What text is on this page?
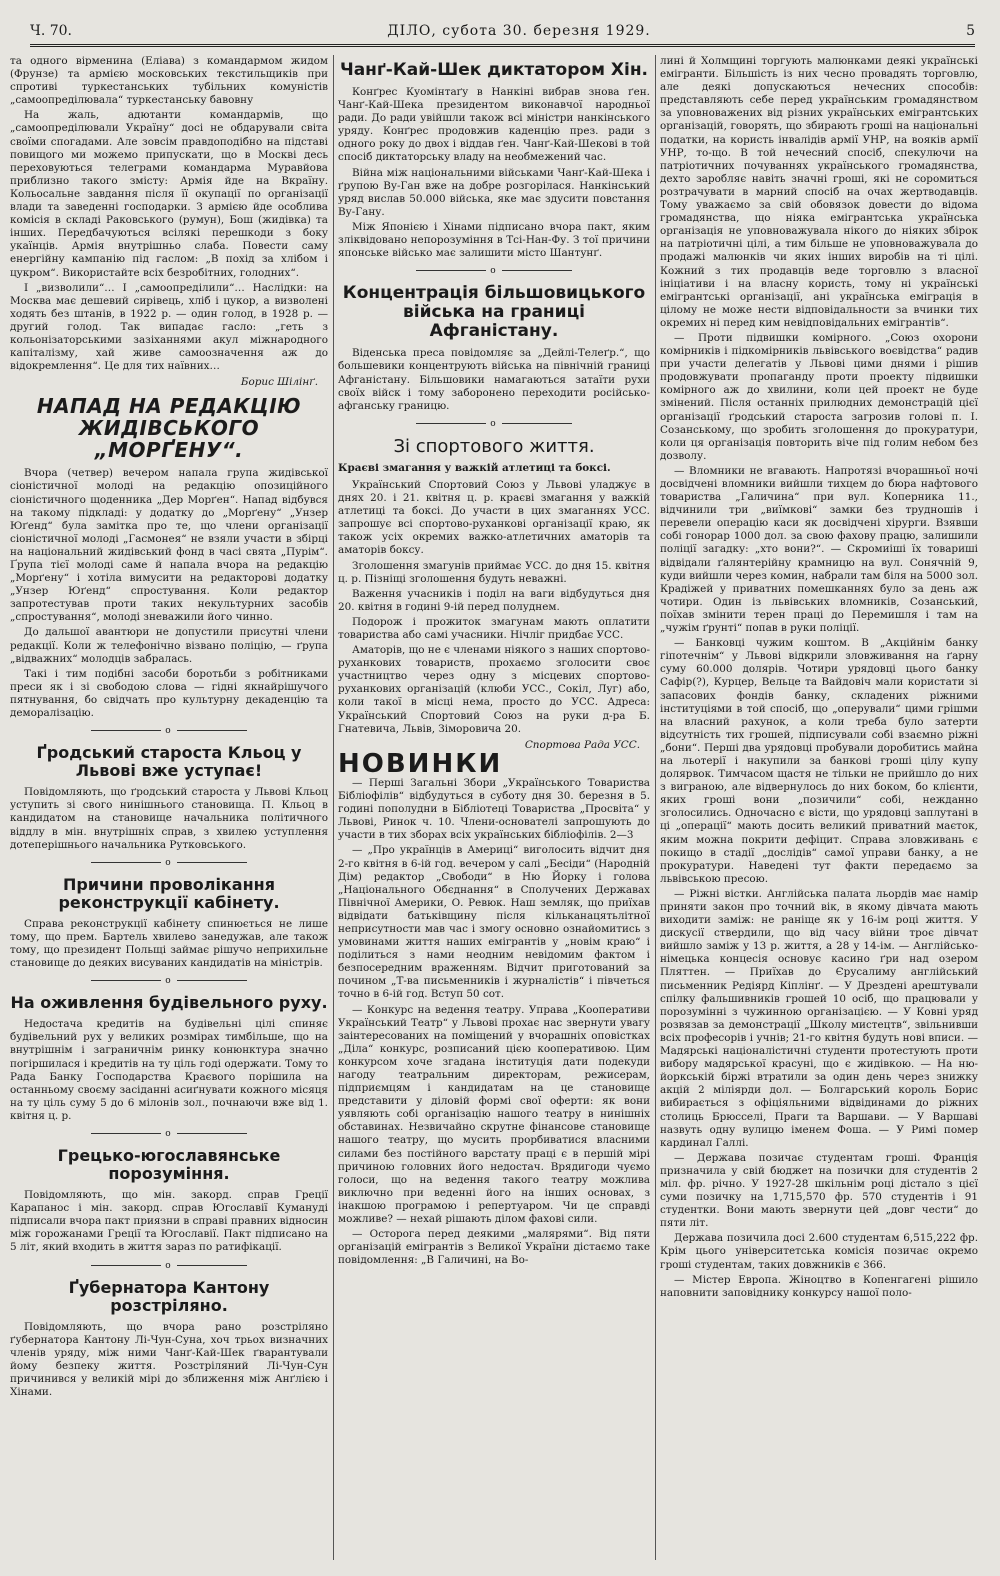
Ч. 70.	ДІЛО, субота 30. березня 1929.	5

та одного вірменина (Еліава) з командармом жидом (Фрунзе) та армією московських текстильщиків при спротиві туркестанських тубільних комуністів „самоопреділювала“ туркестанську бавовну

На жаль, адютанти командармів, що „самоопреділювали Україну“ досі не обдарували світа своїми спогадами. Але зовсім правдоподібно на підставі повищого ми можемо припускати, що в Москві десь переховуються телеграми командарма Муравйова приблизно такого змісту: Армія йде на Вкраїну. Кольосальне завдання після її окупації по організації влади та заведенні господарки. З армією йде особлива комісія в складі Раковського (румун), Бош (жидівка) та інших. Передбачуються всілякі перешкоди з боку укаїнців. Армія внутрішньо слаба. Повести саму енергійну кампанію під гаслом: „В похід за хлібом і цукром“. Використайте всіх безробітних, голодних“.

І „визволили“… І „самоопреділили“… Наслідки: на Москва має дешевий сирівець, хліб і цукор, а визволені ходять без штанів, в 1922 р. — один голод, в 1928 р. — другий голод. Так випадає гасло: „геть з кольонізаторськими зазіханнями акул міжнародного капіталізму, хай живе самоозначення аж до відокремлення“. Це для тих наївних…

Борис Шілінґ.

НАПАД НА РЕДАКЦІЮ ЖИДІВСЬКОГО „МОРҐЕНУ“.

Вчора (четвер) вечером напала група жидівської сіоністичної молоді на редакцію опозиційного сіоністичного щоденника „Дер Морґен“. Напад відбувся на такому підкладі: у додатку до „Морґену“ „Унзер Юґенд“ була замітка про те, що члени організації сіоністичної молоді „Гасмонея“ не взяли участи в збірці на національний жидівський фонд в часі свята „Пурім“. Ґрупа тієї молоді саме й напала вчора на редакцію „Морґену“ і хотіла вимусити на редакторові додатку „Унзер Юґенд“ спростування. Коли редактор запротестував проти таких некультурних засобів „спростування“, молоді зневажили його чинно.

До дальшої авантюри не допустили присутні члени редакції. Коли ж телефонічно візвано поліцію, — ґрупа „відважних“ молодців забралась.

Такі і тим подібні засоби боротьби з робітниками преси як і зі свободою слова — гідні якнайрішучого пятнування, бо свідчать про культурну декаденцію та деморалізацію.

o
Ґродський староста Кльоц у Львові вже уступає!

Повідомляють, що ґродський староста у Львові Кльоц уступить зі свого нинішнього становища. П. Кльоц в кандидатом на становище начальника політичного віддлу в мін. внутрішніх справ, з хвилею уступлення дотеперішнього начальника Рутковського.

o
Причини проволікання реконструкції кабінету.

Справа реконструкції кабінету спинюється не лише тому, що прем. Бартель хвилево занедужав, але також тому, що президент Польщі займає рішучо неприхильне становище до деяких висуваних кандидатів на міністрів.

o
На оживлення будівельного руху.

Недостача кредитів на будівельні цілі спиняє будівельний рух у великих розмірах тимбільше, що на внутрішнім і заграничнім ринку конюнктура значно погіршилася і кредитів на ту ціль годі одержати. Тому то Рада Банку Господарства Краєвого порішила на останньому своєму засіданні асиґнувати кожного місяця на ту ціль суму 5 до 6 мілонів зол., почнаючи вже від 1. квітня ц. р.

o
Грецько-югославянське порозуміння.

Повідомляють, що мін. закорд. справ Греції Карапанос і мін. закорд. справ Югославії Кумануді підписали вчора пакт приязни в справі правних відносин між горожанами Греції та Югославії. Пакт підписано на 5 літ, який входить в життя зараз по ратифікації.

o
Ґубернатора Кантону розстріляно.

Повідомляють, що вчора рано розстріляно ґубернатора Кантону Лі-Чун-Суна, хоч трьох визначних членів уряду, між ними Чанґ-Кай-Шек ґварантували йому безпеку життя. Розстріляний Лі-Чун-Сун причинився у великій мірі до зближення між Анґлією і Хінами.

Чанґ-Кай-Шек диктатором Хін.

Конґрес Куомінтаґу в Нанкіні вибрав знова ґен. Чанґ-Кай-Шека президентом виконавчої народньої ради. До ради увійшли також всі міністри нанкінського уряду. Конґрес продовжив кaденцію през. ради з одного року до двох і віддав ґен. Чанґ-Кай-Шекові в той спосіб диктаторську владу на необмежений час.

Війна між національними військами Чанґ-Кай-Шека і ґрупою Ву-Ган вже на добре розгорілася. Нанкінський уряд вислав 50.000 війська, яке має здусити повстання Ву-Гану.

Між Японією і Хінами підписано вчора пакт, яким зліквідовано непорозуміння в Тсі-Нан-Фу. З тої причини японське військо має залишити місто Шантунґ.

o
Концентрація більшовицького війська на границі Афганістану.

Віденська преса повідомляє за „Дейлі-Телеґр.“, що большевики концентрують війська на північній границі Афганістану. Більшовики намагаються затаїти рухи своїх війск і тому заборонено переходити російсько-афганську границю.

o
Зі спортового життя.

Краєві змагання у важкій атлетиці та боксі.

Український Спортовий Союз у Львові уладжує в днях 20. і 21. квітня ц. р. краєві змагання у важкій атлетиці та боксі. До участи в цих змаганнях УСС. запрошує всі спортово-руханкові організації краю, як також усіх окремих важко-атлетичних аматорів та аматорів боксу.

Зголошення змагунів приймає УСС. до дня 15. квітня ц. р. Пізніщі зголошення будуть неважні.

Важення учасників і поділ на ваги відбудуться дня 20. квітня в годині 9-ій перед полуднем.

Подорож і прожиток змагунам мають оплатити товариства або самі учасники. Нічліг придбає УСС.

Аматорів, що не є членами ніякого з наших спортово-руханкових товариств, прохаємо зголосити своє участництво через одну з місцевих спортово-руханкових організацій (клюби УСС., Сокіл, Луг) або, коли такої в місці нема, просто до УСС. Адреса: Український Спортовий Союз на руки д-ра Б. Гнатевича, Львів, Зіморовича 20.

Спортова Рада УСС.

НОВИНКИ

— Перші Загальні Збори „Українського Товариства Бібліофілів“ відбудуться в суботу дня 30. березня в 5. годині пополудни в Бібліотеці Товариства „Просвіта“ у Львові, Ринок ч. 10. Члени-основателі запрошують до участи в тих зборах всіх українських бібліофілів. 2—3

— „Про українців в Америці“ виголосить відчит дня 2-го квітня в 6-ій год. вечером у салі „Бесіди“ (Народній Дім) редактор „Свободи“ в Ню Йорку і голова „Національного Обєднання“ в Сполучених Державах Північної Америки, О. Ревюк. Наш земляк, що приїхав відвідати батьківщину після кільканацятьлітної неприсутности мав час і змогу основно ознайомитись з умовинами життя наших емігрантів у „новім краю“ і поділиться з нами неодним невідомим фактом і безпосередним враженням. Відчит приготований за почином „Т-ва письменників і журналістів“ і півчеться точно в 6-ій год. Вступ 50 сот.

— Конкурс на ведення театру. Управа „Кооперативи Український Театр“ у Львові прохає нас звернути увагу заінтересованих на поміщений у вчорашніх оповістках „Діла“ конкурс, розписаний цією кооперативою. Цим конкурсом хоче згадана інституція дати подекуди нагоду театральним директорам, режисерам, підприємцям і кандидатам на це становище представити у діловій формі свої оферти: як вони уявляють собі організацію нашого театру в нинішніх обставинах. Незвичайно скрутне фінансове становище нашого театру, що мусить прорбиватися власними силами без постійного варстату праці є в першій мірі причиною головних його недостач. Врядигоди чуємо голоси, що на ведення такого театру можлива виключно при веденні його на інших основах, з інакшою програмою і репертуаром. Чи це справді можливе? — нехай рішають ділом фахові сили.

— Осторога перед деякими „малярями“. Від пяти організацій емігрантів з Великої України дістаємо таке повідомлення: „В Галичині, на Во-

лині й Холмщині торгують малюнками деякі українські емігранти. Більшість із них чесно провадять торговлю, але деякі допускаються нечесних способів: представляють себе перед українським громадянством за уповноважених від різних українських емігрантських організацій, говорять, що збирають гроші на національні податки, на користь інвалідів армії УНР, на вояків армії УНР, то-що. В той нечесний спосіб, спекулючи на патріотичних почуваннях українського громадянства, дехто заробляє навіть значні гроші, які не соромиться розтрачувати в марний спосіб на очах жертводавців. Тому уважаємо за свій обовязок довести до відома громадянства, що ніяка емігрантська українська організація не уповноважувала нікого до ніяких збірок на патріотичні цілі, а тим більше не уповноважувала до продажі малюнків чи яких інших виробів на ті цілі. Кожний з тих продавців веде торговлю з власної ініціативи і на власну користь, тому ні українські емігрантські організації, ані українська еміграція в цілому не може нести відповідальности за вчинки тих окремих ні перед ким невідповідальних емігрантів“.

— Проти підвишки комірного. „Союз охорони комірників і підкомірників львівського воєвідства“ радив при участи делегатів у Львові цими днями і рішив продовжувати пропаганду проти проекту підвишки комірного аж до хвилини, коли цей проект не буде змінений. Після останніх прилюдних демонстрацій цієї організації ґродський староста загрозив голові п. І. Созанському, що зробить зголошення до прокуратури, коли ця організація повторить віче під голим небом без дозволу.

— Вломники не вгавають. Напротязі вчорашньої ночі досвідчені вломники вийшли тихцем до бюра нафтового товариства „Галичина“ при вул. Коперника 11., відчинили три „виїмкові“ замки без трудношів і перевели операцію каси як досвідчені хірурги. Взявши собі гонорар 1000 дол. за свою фахову працю, залишили поліції загадку: „хто вони?“. — Скромиіші їх товариші відвідали ґалянтерійну крамницю на вул. Сонячній 9, куди вийшли через комин, набрали там біля на 5000 зол. Крадіжей у приватних помешканнях було за день аж чотири. Один із львівських вломників, Созанський, поїхав змінити терен праці до Перемишля і там на „чужім ґрунті“ попав в руки поліції.

— Банковці чужим коштом. В „Акційнім банку гіпотечнім“ у Львові відкрили зловживання на ґарну суму 60.000 долярів. Чотири урядовці цього банку Сафір(?), Курцер, Вельце та Вайдовіч мали користати зі запасових фондів банку, складених ріжними інституціями в той спосіб, що „оперували“ цими грішми на власний рахунок, а коли треба було затерти відсутність тих грошей, підписували собі взаємно ріжні „бони“. Перші два урядовці пробували доробитись майна на льотерії і накупили за банкові гроші цілу купу долярвок. Тимчасом щастя не тільки не прийшло до них з виграною, але відвернулось до них боком, бо клієнти, яких гроші вони „позичили“ собі, нежданно зголосились. Одночасно є вісти, що урядовці заплутані в ці „операції“ мають досить великий приватний маєток, яким можна покрити дефіцит. Справа зловживань є покищо в стадії „дослідів“ самої управи банку, а не прокуратури. Наведені тут факти передаємо за львівською пресою.

— Ріжні вістки. Англійська палата льордів має намір приняти закон про точний вік, в якому дівчата мають виходити заміж: не раніще як у 16-ім році життя. У дискусії ствердили, що від часу війни троє дівчат вийшло заміж у 13 р. життя, а 28 у 14-ім. — Англійсько-німецька концесія основує касино ґри над озером Пляттен. — Приїхав до Єрусалиму англійський письменник Редіярд Кіплінґ. — У Дрездені арештували спілку фальшивників грошей 10 осіб, що працювали у порозумінні з чужинною організацією. — У Ковні уряд розвязав за демонстрації „Школу мистецтв“, звільнивши всіх професорів і учнів; 21-го квітня будуть нові вписи. — Мадярські націоналістичні студенти протестують проти вибору мадярської красуні, що є жидівкою. — На ню-йоркській біржі втратили за один день через знижку акцій 2 міліярди дол. — Болгарський король Борис вибирається з офіціяльними відвідинами до ріжних столиць Брюсселі, Праги та Варшави. — У Варшаві назвуть одну вулицю іменем Фоша. — У Римі помер кардинал Галлі.

— Держава позичає студентам гроші. Франція призначила у свій бюджет на позички для студентів 2 міл. фр. річно. У 1927-28 шкільнім році дістало з цієї суми позичку на 1,715,570 фр. 570 студентів і 91 студентки. Вони мають звернути цей „довг чести“ до пяти літ.

Держава позичила досі 2.600 студентам 6,515,222 фр. Крім цього університетська комісія позичає окремо гроші студентам, таких довжників є 366.

— Містер Европа. Жіноцтво в Копенгагені рішило наповнити заповіднику конкурсу нашої поло-
